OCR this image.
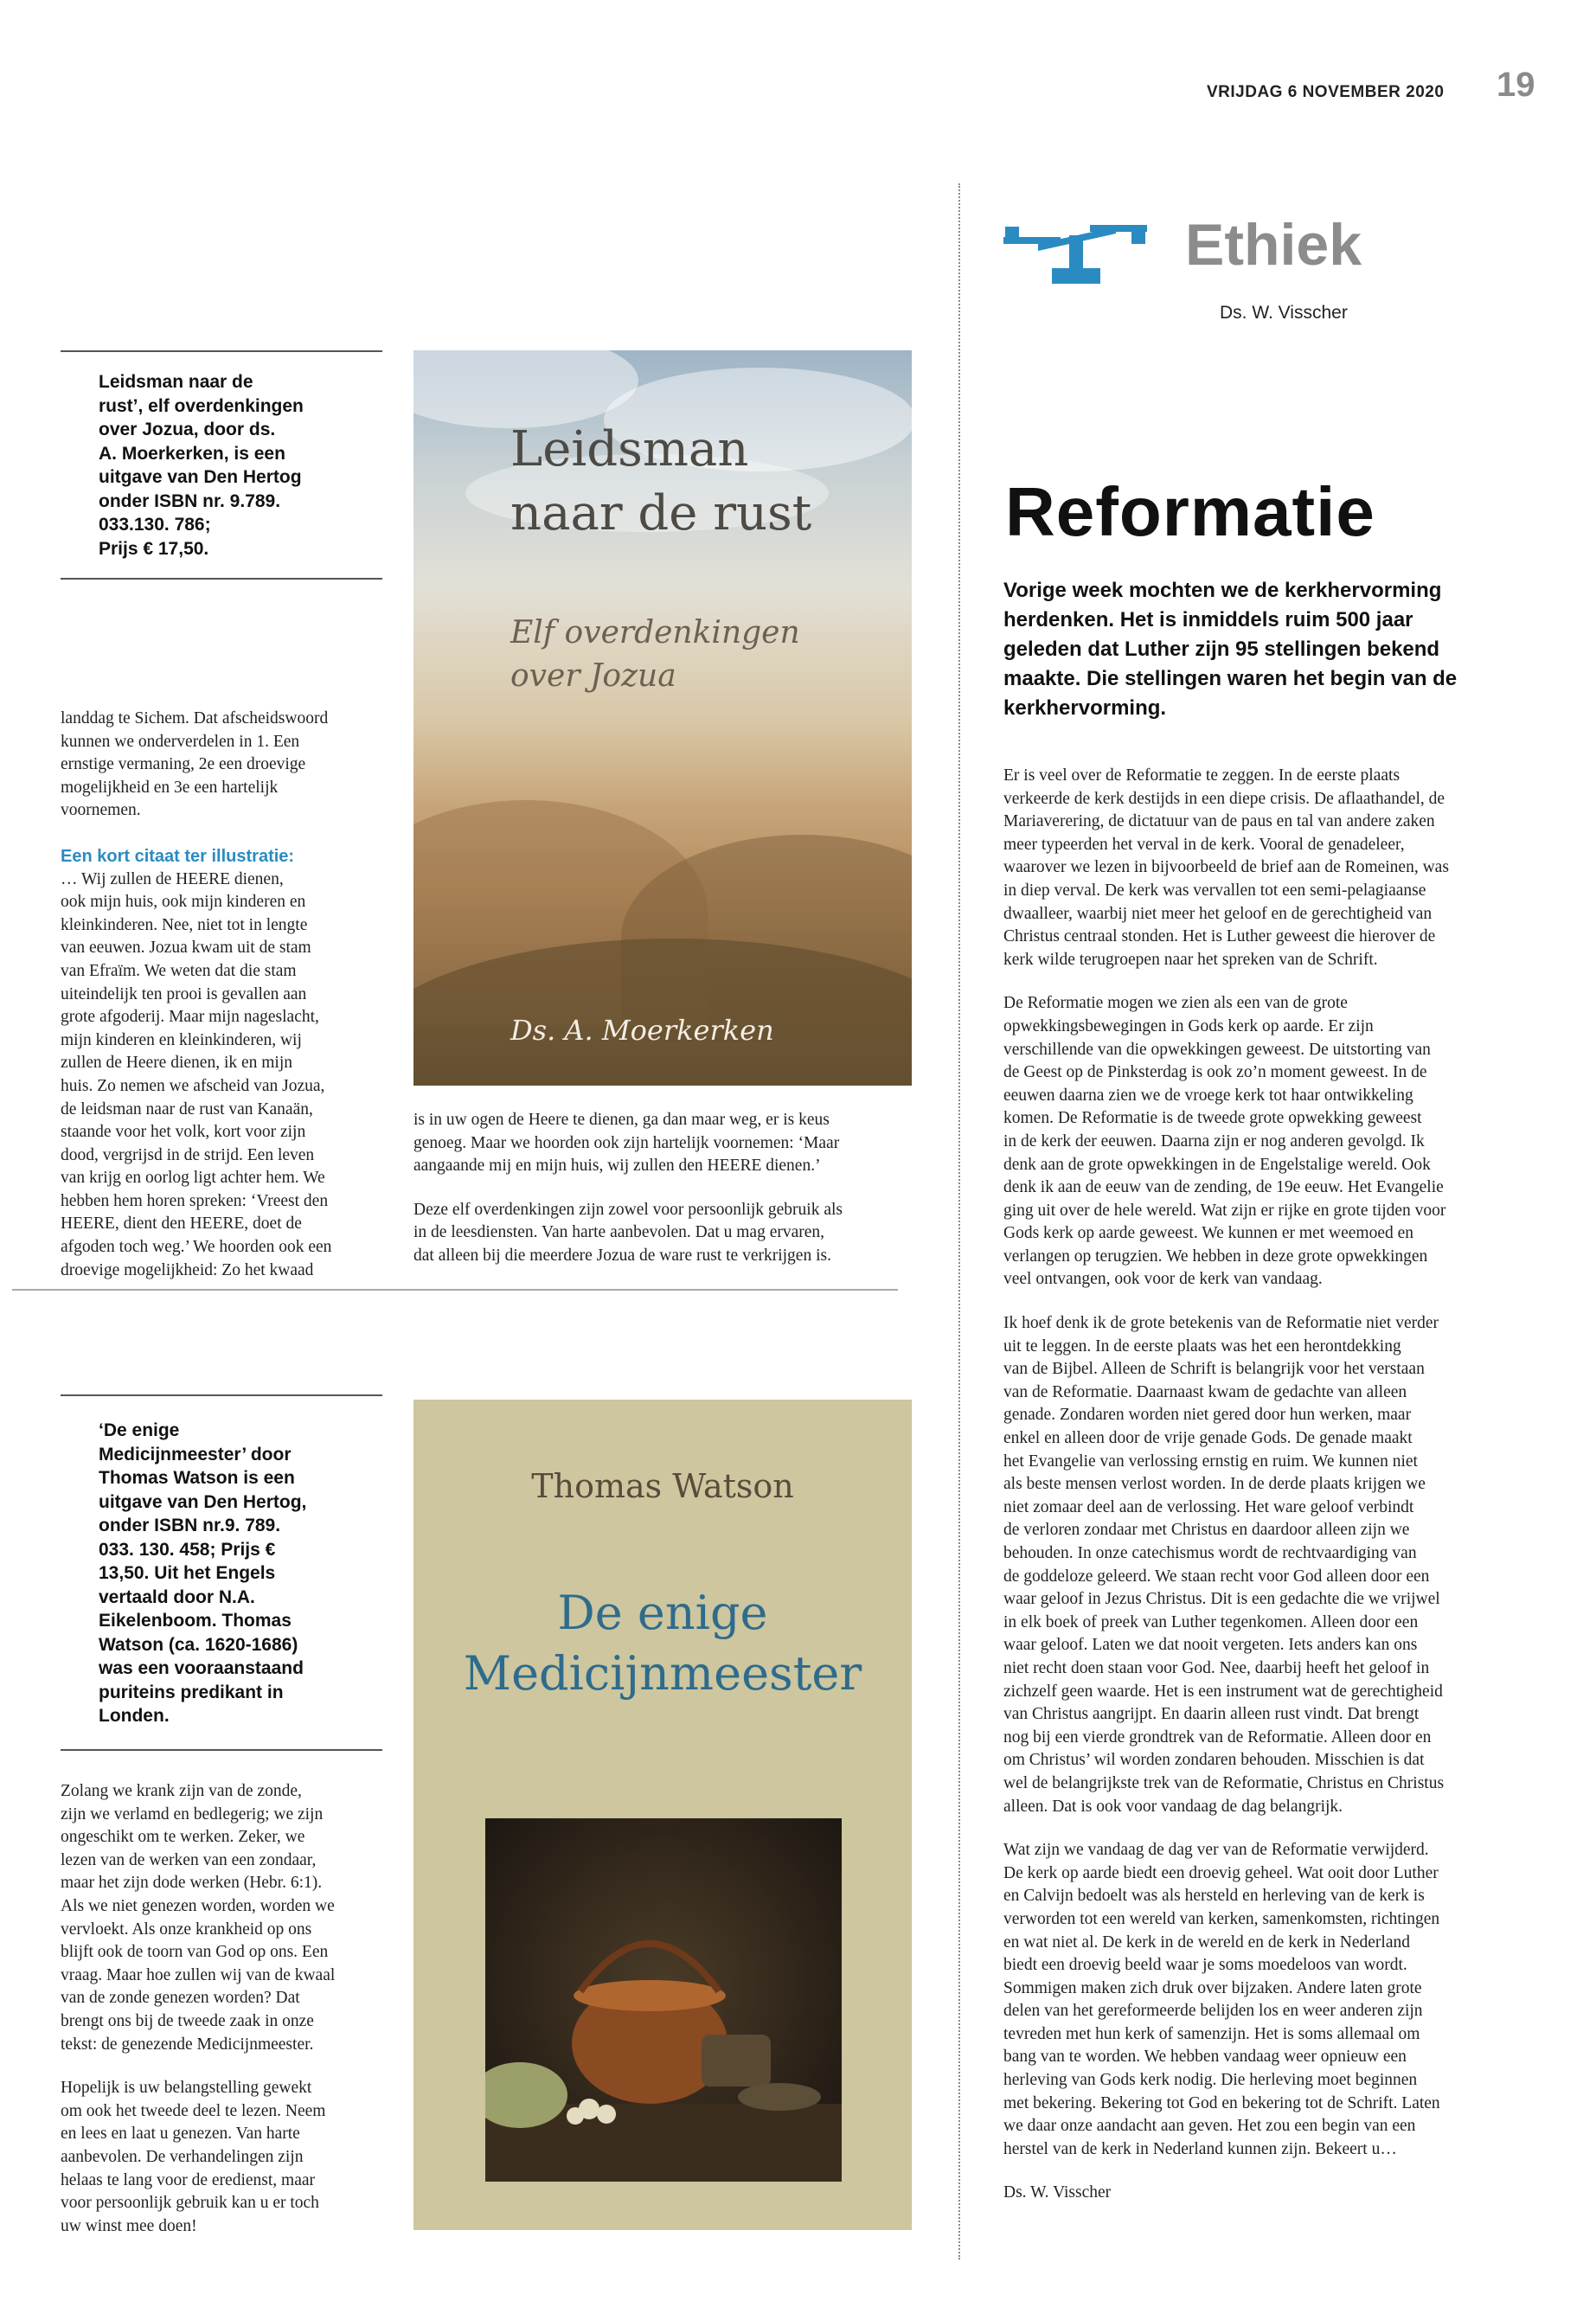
VRIJDAG 6 NOVEMBER 2020 19
Leidsman naar de
rust’, elf overdenkingen
over Jozua, door ds.
A. Moerkerken, is een
uitgave van Den Hertog
onder ISBN nr. 9.789.
033.130. 786;
Prijs € 17,50.
landdag te Sichem. Dat afscheidswoord
kunnen we onderverdelen in 1. Een
ernstige vermaning, 2e een droevige
mogelijkheid en 3e een hartelijk
voornemen.
Een kort citaat ter illustratie:
… Wij zullen de HEERE dienen,
ook mijn huis, ook mijn kinderen en
kleinkinderen. Nee, niet tot in lengte
van eeuwen. Jozua kwam uit de stam
van Efraïm. We weten dat die stam
uiteindelijk ten prooi is gevallen aan
grote afgoderij. Maar mijn nageslacht,
mijn kinderen en kleinkinderen, wij
zullen de Heere dienen, ik en mijn
huis. Zo nemen we afscheid van Jozua,
de leidsman naar de rust van Kanaän,
staande voor het volk, kort voor zijn
dood, vergrijsd in de strijd. Een leven
van krijg en oorlog ligt achter hem. We
hebben hem horen spreken: ‘Vreest den
HEERE, dient den HEERE, doet de
afgoden toch weg.’ We hoorden ook een
droevige mogelijkheid: Zo het kwaad
Leidsman
naar de rust
Elf overdenkingen
over Jozua
Ds. A. Moerkerken

is in uw ogen de Heere te dienen, ga dan maar weg, er is keus
genoeg. Maar we hoorden ook zijn hartelijk voornemen: ‘Maar
aangaande mij en mijn huis, wij zullen den HEERE dienen.’

Deze elf overdenkingen zijn zowel voor persoonlijk gebruik als
in de leesdiensten. Van harte aanbevolen. Dat u mag ervaren,
dat alleen bij die meerdere Jozua de ware rust te verkrijgen is.

‘De enige
Medicijnmeester’ door
Thomas Watson is een
uitgave van Den Hertog,
onder ISBN nr.9. 789.
033. 130. 458; Prijs €
13,50. Uit het Engels
vertaald door N.A.
Eikelenboom. Thomas
Watson (ca. 1620-1686)
was een vooraanstaand
puriteins predikant in
Londen.

Zolang we krank zijn van de zonde,
zijn we verlamd en bedlegerig; we zijn
ongeschikt om te werken. Zeker, we
lezen van de werken van een zondaar,
maar het zijn dode werken (Hebr. 6:1).
Als we niet genezen worden, worden we
vervloekt. Als onze krankheid op ons
blijft ook de toorn van God op ons. Een
vraag. Maar hoe zullen wij van de kwaal
van de zonde genezen worden? Dat
brengt ons bij de tweede zaak in onze
tekst: de genezende Medicijnmeester.

Hopelijk is uw belangstelling gewekt
om ook het tweede deel te lezen. Neem
en lees en laat u genezen. Van harte
aanbevolen. De verhandelingen zijn
helaas te lang voor de eredienst, maar
voor persoonlijk gebruik kan u er toch
uw winst mee doen!

Thomas Watson
De enige
Medicijnmeester
Ethiek
Ds. W. Visscher
Reformatie
Vorige week mochten we de kerkhervorming
herdenken. Het is inmiddels ruim 500 jaar
geleden dat Luther zijn 95 stellingen bekend
maakte. Die stellingen waren het begin van de
kerkhervorming.

Er is veel over de Reformatie te zeggen. In de eerste plaats
verkeerde de kerk destijds in een diepe crisis. De aflaathandel, de
Mariaverering, de dictatuur van de paus en tal van andere zaken
meer typeerden het verval in de kerk. Vooral de genadeleer,
waarover we lezen in bijvoorbeeld de brief aan de Romeinen, was
in diep verval. De kerk was vervallen tot een semi-pelagiaanse
dwaalleer, waarbij niet meer het geloof en de gerechtigheid van
Christus centraal stonden. Het is Luther geweest die hierover de
kerk wilde terugroepen naar het spreken van de Schrift.

De Reformatie mogen we zien als een van de grote
opwekkingsbewegingen in Gods kerk op aarde. Er zijn
verschillende van die opwekkingen geweest. De uitstorting van
de Geest op de Pinksterdag is ook zo’n moment geweest. In de
eeuwen daarna zien we de vroege kerk tot haar ontwikkeling
komen. De Reformatie is de tweede grote opwekking geweest
in de kerk der eeuwen. Daarna zijn er nog anderen gevolgd. Ik
denk aan de grote opwekkingen in de Engelstalige wereld. Ook
denk ik aan de eeuw van de zending, de 19e eeuw. Het Evangelie
ging uit over de hele wereld. Wat zijn er rijke en grote tijden voor
Gods kerk op aarde geweest. We kunnen er met weemoed en
verlangen op terugzien. We hebben in deze grote opwekkingen
veel ontvangen, ook voor de kerk van vandaag.

Ik hoef denk ik de grote betekenis van de Reformatie niet verder
uit te leggen. In de eerste plaats was het een herontdekking
van de Bijbel. Alleen de Schrift is belangrijk voor het verstaan
van de Reformatie. Daarnaast kwam de gedachte van alleen
genade. Zondaren worden niet gered door hun werken, maar
enkel en alleen door de vrije genade Gods. De genade maakt
het Evangelie van verlossing ernstig en ruim. We kunnen niet
als beste mensen verlost worden. In de derde plaats krijgen we
niet zomaar deel aan de verlossing. Het ware geloof verbindt
de verloren zondaar met Christus en daardoor alleen zijn we
behouden. In onze catechismus wordt de rechtvaardiging van
de goddeloze geleerd. We staan recht voor God alleen door een
waar geloof in Jezus Christus. Dit is een gedachte die we vrijwel
in elk boek of preek van Luther tegenkomen. Alleen door een
waar geloof. Laten we dat nooit vergeten. Iets anders kan ons
niet recht doen staan voor God. Nee, daarbij heeft het geloof in
zichzelf geen waarde. Het is een instrument wat de gerechtigheid
van Christus aangrijpt. En daarin alleen rust vindt. Dat brengt
nog bij een vierde grondtrek van de Reformatie. Alleen door en
om Christus’ wil worden zondaren behouden. Misschien is dat
wel de belangrijkste trek van de Reformatie, Christus en Christus
alleen. Dat is ook voor vandaag de dag belangrijk.

Wat zijn we vandaag de dag ver van de Reformatie verwijderd.
De kerk op aarde biedt een droevig geheel. Wat ooit door Luther
en Calvijn bedoelt was als hersteld en herleving van de kerk is
verworden tot een wereld van kerken, samenkomsten, richtingen
en wat niet al. De kerk in de wereld en de kerk in Nederland
biedt een droevig beeld waar je soms moedeloos van wordt.
Sommigen maken zich druk over bijzaken. Andere laten grote
delen van het gereformeerde belijden los en weer anderen zijn
tevreden met hun kerk of samenzijn. Het is soms allemaal om
bang van te worden. We hebben vandaag weer opnieuw een
herleving van Gods kerk nodig. Die herleving moet beginnen
met bekering. Bekering tot God en bekering tot de Schrift. Laten
we daar onze aandacht aan geven. Het zou een begin van een
herstel van de kerk in Nederland kunnen zijn. Bekeert u…

Ds. W. Visscher
